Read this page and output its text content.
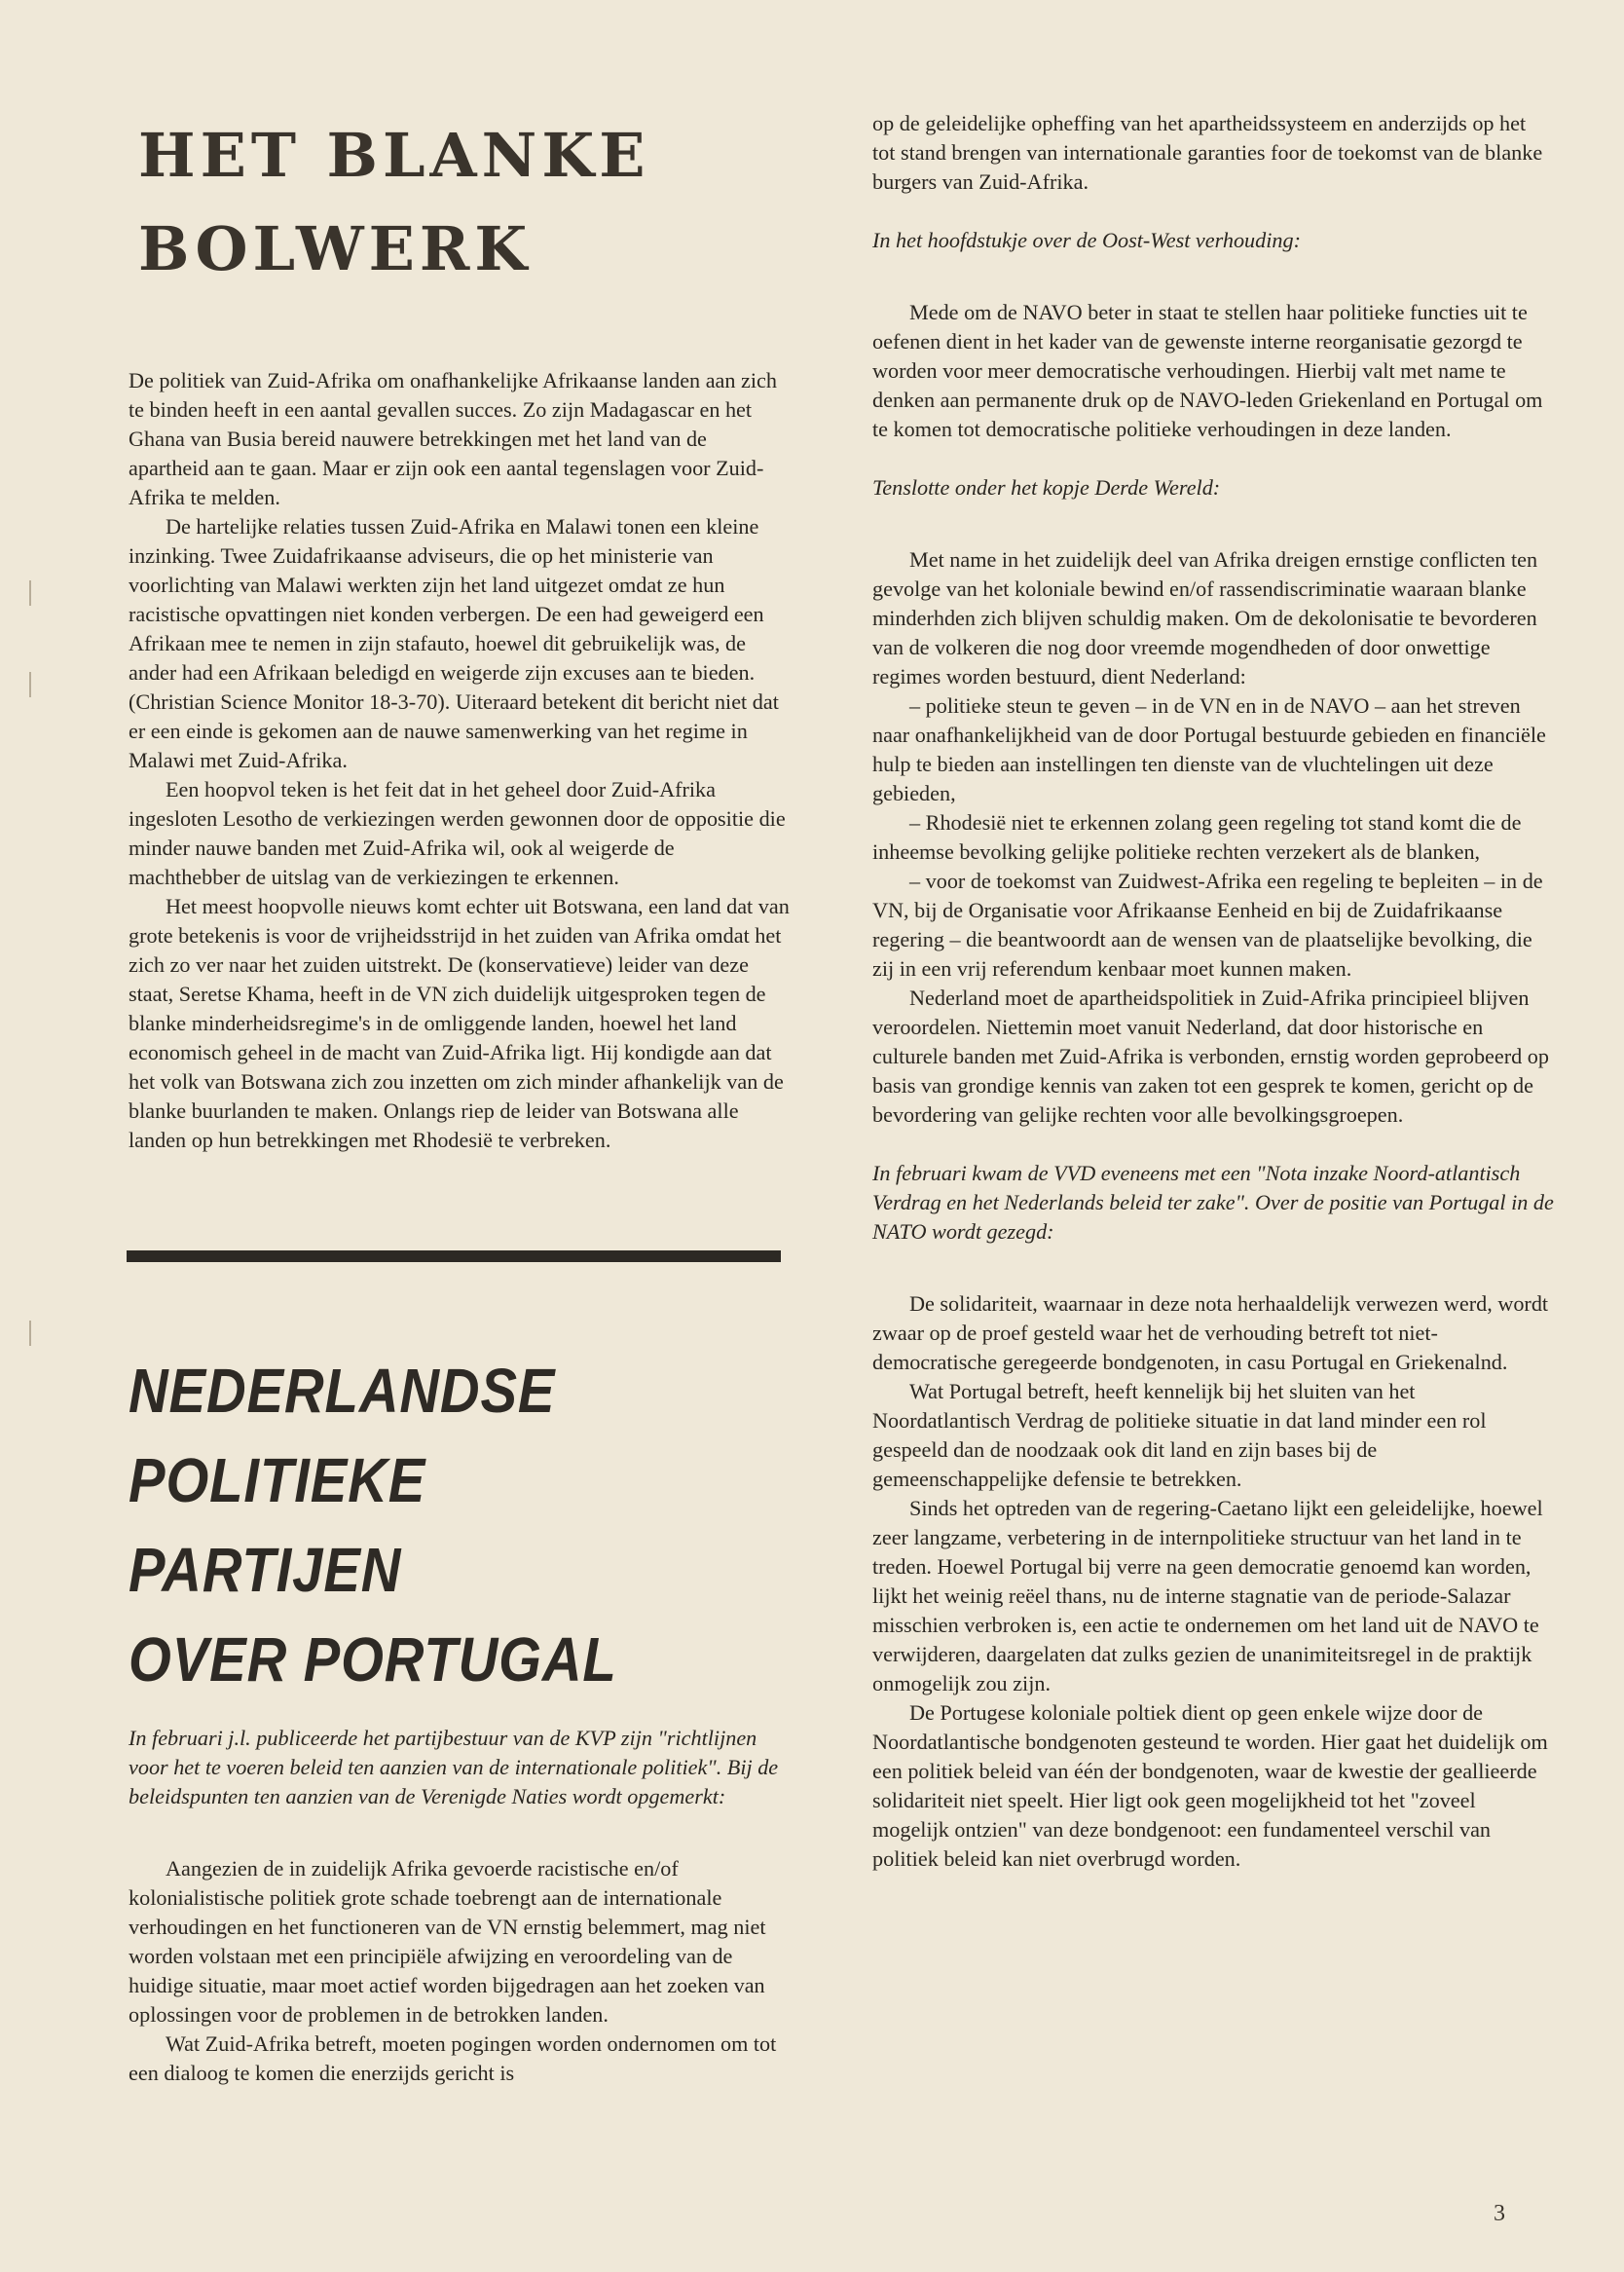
HET BLANKE
BOLWERK

De politiek van Zuid-Afrika om onafhankelijke Afrikaanse landen aan zich te binden heeft in een aantal gevallen succes. Zo zijn Madagascar en het Ghana van Busia bereid nauwere betrekkingen met het land van de apartheid aan te gaan. Maar er zijn ook een aantal tegenslagen voor Zuid-Afrika te melden.

De hartelijke relaties tussen Zuid-Afrika en Malawi tonen een kleine inzinking. Twee Zuidafrikaanse adviseurs, die op het ministerie van voorlichting van Malawi werkten zijn het land uitgezet omdat ze hun racistische opvattingen niet konden verbergen. De een had geweigerd een Afrikaan mee te nemen in zijn stafauto, hoewel dit gebruikelijk was, de ander had een Afrikaan beledigd en weigerde zijn excuses aan te bieden. (Christian Science Monitor 18-3-70). Uiteraard betekent dit bericht niet dat er een einde is gekomen aan de nauwe samenwerking van het regime in Malawi met Zuid-Afrika.

Een hoopvol teken is het feit dat in het geheel door Zuid-Afrika ingesloten Lesotho de verkiezingen werden gewonnen door de oppositie die minder nauwe banden met Zuid-Afrika wil, ook al weigerde de machthebber de uitslag van de verkiezingen te erkennen.

Het meest hoopvolle nieuws komt echter uit Botswana, een land dat van grote betekenis is voor de vrijheidsstrijd in het zuiden van Afrika omdat het zich zo ver naar het zuiden uitstrekt. De (konservatieve) leider van deze staat, Seretse Khama, heeft in de VN zich duidelijk uitgesproken tegen de blanke minderheidsregime's in de omliggende landen, hoewel het land economisch geheel in de macht van Zuid-Afrika ligt. Hij kondigde aan dat het volk van Botswana zich zou inzetten om zich minder afhankelijk van de blanke buurlanden te maken. Onlangs riep de leider van Botswana alle landen op hun betrekkingen met Rhodesië te verbreken.

NEDERLANDSE
POLITIEKE PARTIJEN
OVER PORTUGAL
In februari j.l. publiceerde het partijbestuur van de KVP zijn "richtlijnen voor het te voeren beleid ten aanzien van de internationale politiek". Bij de beleidspunten ten aanzien van de Verenigde Naties wordt opgemerkt:

Aangezien de in zuidelijk Afrika gevoerde racistische en/of kolonialistische politiek grote schade toebrengt aan de internationale verhoudingen en het functioneren van de VN ernstig belemmert, mag niet worden volstaan met een principiële afwijzing en veroordeling van de huidige situatie, maar moet actief worden bijgedragen aan het zoeken van oplossingen voor de problemen in de betrokken landen.

Wat Zuid-Afrika betreft, moeten pogingen worden ondernomen om tot een dialoog te komen die enerzijds gericht is

op de geleidelijke opheffing van het apartheidssysteem en anderzijds op het tot stand brengen van internationale garanties foor de toekomst van de blanke burgers van Zuid-Afrika.

In het hoofdstukje over de Oost-West verhouding:

Mede om de NAVO beter in staat te stellen haar politieke functies uit te oefenen dient in het kader van de gewenste interne reorganisatie gezorgd te worden voor meer democratische verhoudingen. Hierbij valt met name te denken aan permanente druk op de NAVO-leden Griekenland en Portugal om te komen tot democratische politieke verhoudingen in deze landen.

Tenslotte onder het kopje Derde Wereld:

Met name in het zuidelijk deel van Afrika dreigen ernstige conflicten ten gevolge van het koloniale bewind en/of rassendiscriminatie waaraan blanke minderhden zich blijven schuldig maken. Om de dekolonisatie te bevorderen van de volkeren die nog door vreemde mogendheden of door onwettige regimes worden bestuurd, dient Nederland:

– politieke steun te geven – in de VN en in de NAVO – aan het streven naar onafhankelijkheid van de door Portugal bestuurde gebieden en financiële hulp te bieden aan instellingen ten dienste van de vluchtelingen uit deze gebieden,

– Rhodesië niet te erkennen zolang geen regeling tot stand komt die de inheemse bevolking gelijke politieke rechten verzekert als de blanken,

– voor de toekomst van Zuidwest-Afrika een regeling te bepleiten – in de VN, bij de Organisatie voor Afrikaanse Eenheid en bij de Zuidafrikaanse regering – die beantwoordt aan de wensen van de plaatselijke bevolking, die zij in een vrij referendum kenbaar moet kunnen maken.

Nederland moet de apartheidspolitiek in Zuid-Afrika principieel blijven veroordelen. Niettemin moet vanuit Nederland, dat door historische en culturele banden met Zuid-Afrika is verbonden, ernstig worden geprobeerd op basis van grondige kennis van zaken tot een gesprek te komen, gericht op de bevordering van gelijke rechten voor alle bevolkingsgroepen.

In februari kwam de VVD eveneens met een "Nota inzake Noord-atlantisch Verdrag en het Nederlands beleid ter zake". Over de positie van Portugal in de NATO wordt gezegd:

De solidariteit, waarnaar in deze nota herhaaldelijk verwezen werd, wordt zwaar op de proef gesteld waar het de verhouding betreft tot niet-democratische geregeerde bondgenoten, in casu Portugal en Griekenalnd.

Wat Portugal betreft, heeft kennelijk bij het sluiten van het Noordatlantisch Verdrag de politieke situatie in dat land minder een rol gespeeld dan de noodzaak ook dit land en zijn bases bij de gemeenschappelijke defensie te betrekken.

Sinds het optreden van de regering-Caetano lijkt een geleidelijke, hoewel zeer langzame, verbetering in de internpolitieke structuur van het land in te treden. Hoewel Portugal bij verre na geen democratie genoemd kan worden, lijkt het weinig reëel thans, nu de interne stagnatie van de periode-Salazar misschien verbroken is, een actie te ondernemen om het land uit de NAVO te verwijderen, daargelaten dat zulks gezien de unanimiteitsregel in de praktijk onmogelijk zou zijn.

De Portugese koloniale poltiek dient op geen enkele wijze door de Noordatlantische bondgenoten gesteund te worden. Hier gaat het duidelijk om een politiek beleid van één der bondgenoten, waar de kwestie der geallieerde solidariteit niet speelt. Hier ligt ook geen mogelijkheid tot het "zoveel mogelijk ontzien" van deze bondgenoot: een fundamenteel verschil van politiek beleid kan niet overbrugd worden.

3
